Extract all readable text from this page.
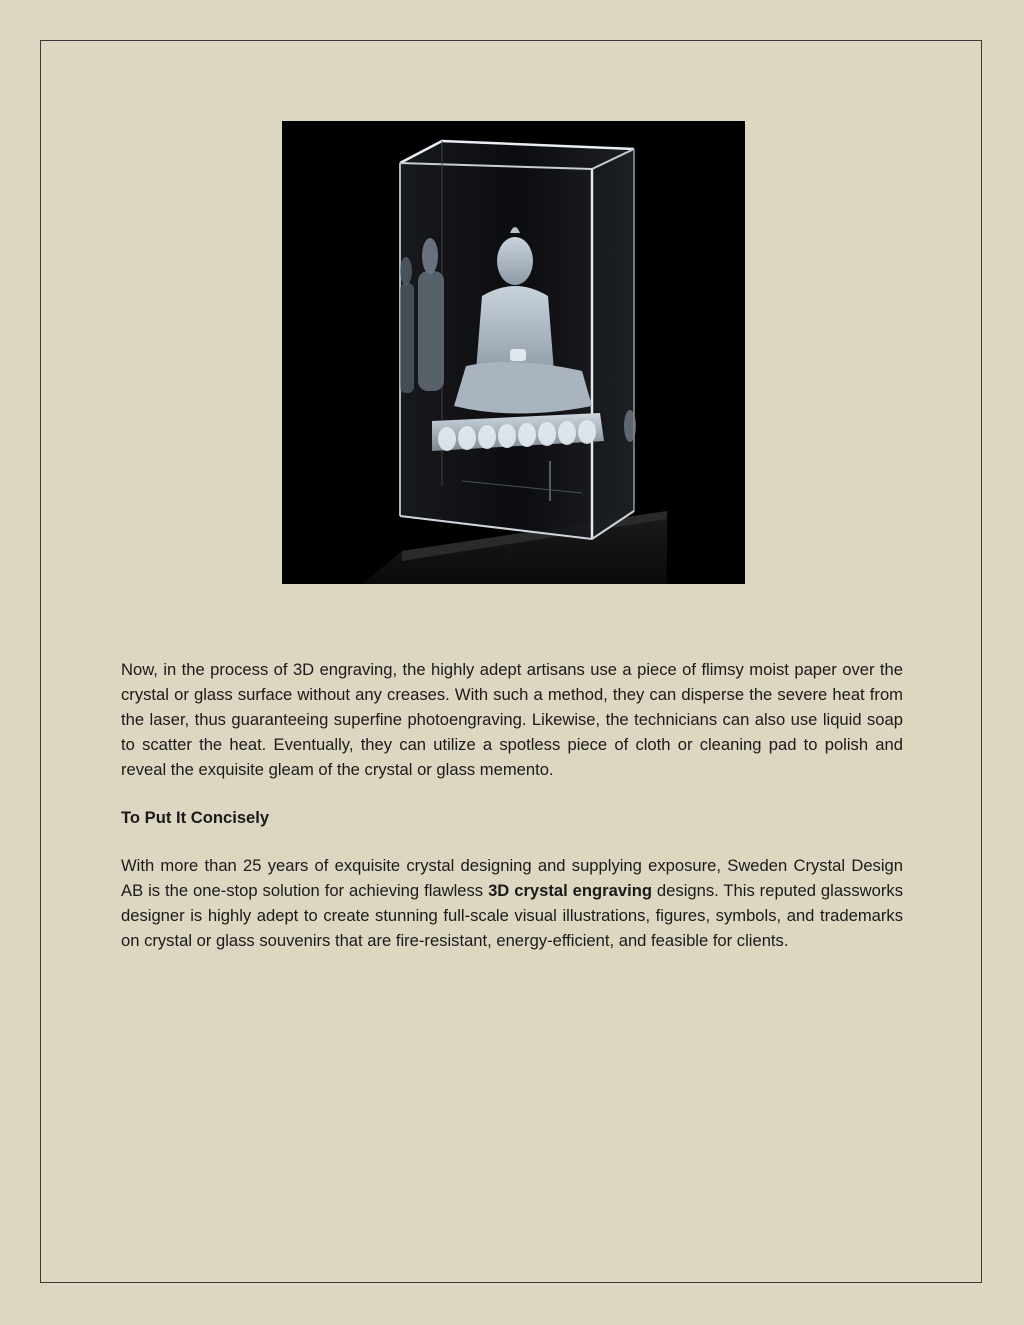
Now, in the process of 3D engraving, the highly adept artisans use a piece of flimsy moist paper over the crystal or glass surface without any creases. With such a method, they can disperse the severe heat from the laser, thus guaranteeing superfine photoengraving. Likewise, the technicians can also use liquid soap to scatter the heat. Eventually, they can utilize a spotless piece of cloth or cleaning pad to polish and reveal the exquisite gleam of the crystal or glass memento.

To Put It Concisely

With more than 25 years of exquisite crystal designing and supplying exposure, Sweden Crystal Design AB is the one-stop solution for achieving flawless 3D crystal engraving designs. This reputed glassworks designer is highly adept to create stunning full-scale visual illustrations, figures, symbols, and trademarks on crystal or glass souvenirs that are fire-resistant, energy-efficient, and feasible for clients.
